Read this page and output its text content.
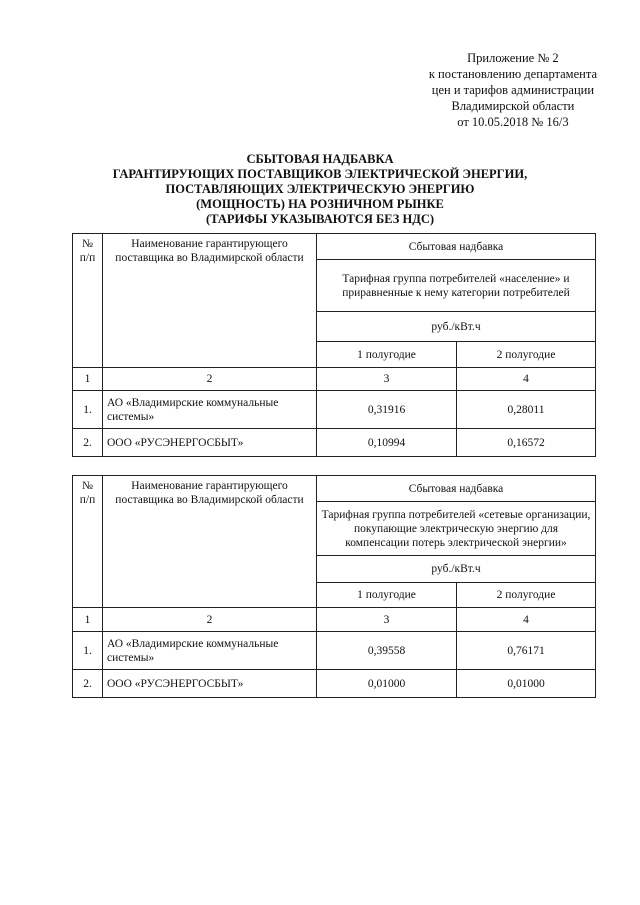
Приложение № 2
к постановлению департамента
цен и тарифов администрации
Владимирской области
от 10.05.2018 № 16/3
СБЫТОВАЯ НАДБАВКА
ГАРАНТИРУЮЩИХ ПОСТАВЩИКОВ ЭЛЕКТРИЧЕСКОЙ ЭНЕРГИИ,
ПОСТАВЛЯЮЩИХ ЭЛЕКТРИЧЕСКУЮ ЭНЕРГИЮ
(МОЩНОСТЬ) НА РОЗНИЧНОМ РЫНКЕ
(ТАРИФЫ УКАЗЫВАЮТСЯ БЕЗ НДС)
№ п/п	Наименование гарантирующего поставщика во Владимирской области	Сбытовая надбавка	
		Тарифная группа потребителей «население» и приравненные к нему категории потребителей	
		руб./кВт.ч	
		1 полугодие	2 полугодие
1	2	3	4
1.	АО «Владимирские коммунальные системы»	0,31916	0,28011
2.	ООО «РУСЭНЕРГОСБЫТ»	0,10994	0,16572
№ п/п	Наименование гарантирующего поставщика во Владимирской области	Сбытовая надбавка	
		Тарифная группа потребителей «сетевые организации, покупающие электрическую энергию для компенсации потерь электрической энергии»	
		руб./кВт.ч	
		1 полугодие	2 полугодие
1	2	3	4
1.	АО «Владимирские коммунальные системы»	0,39558	0,76171
2.	ООО «РУСЭНЕРГОСБЫТ»	0,01000	0,01000
